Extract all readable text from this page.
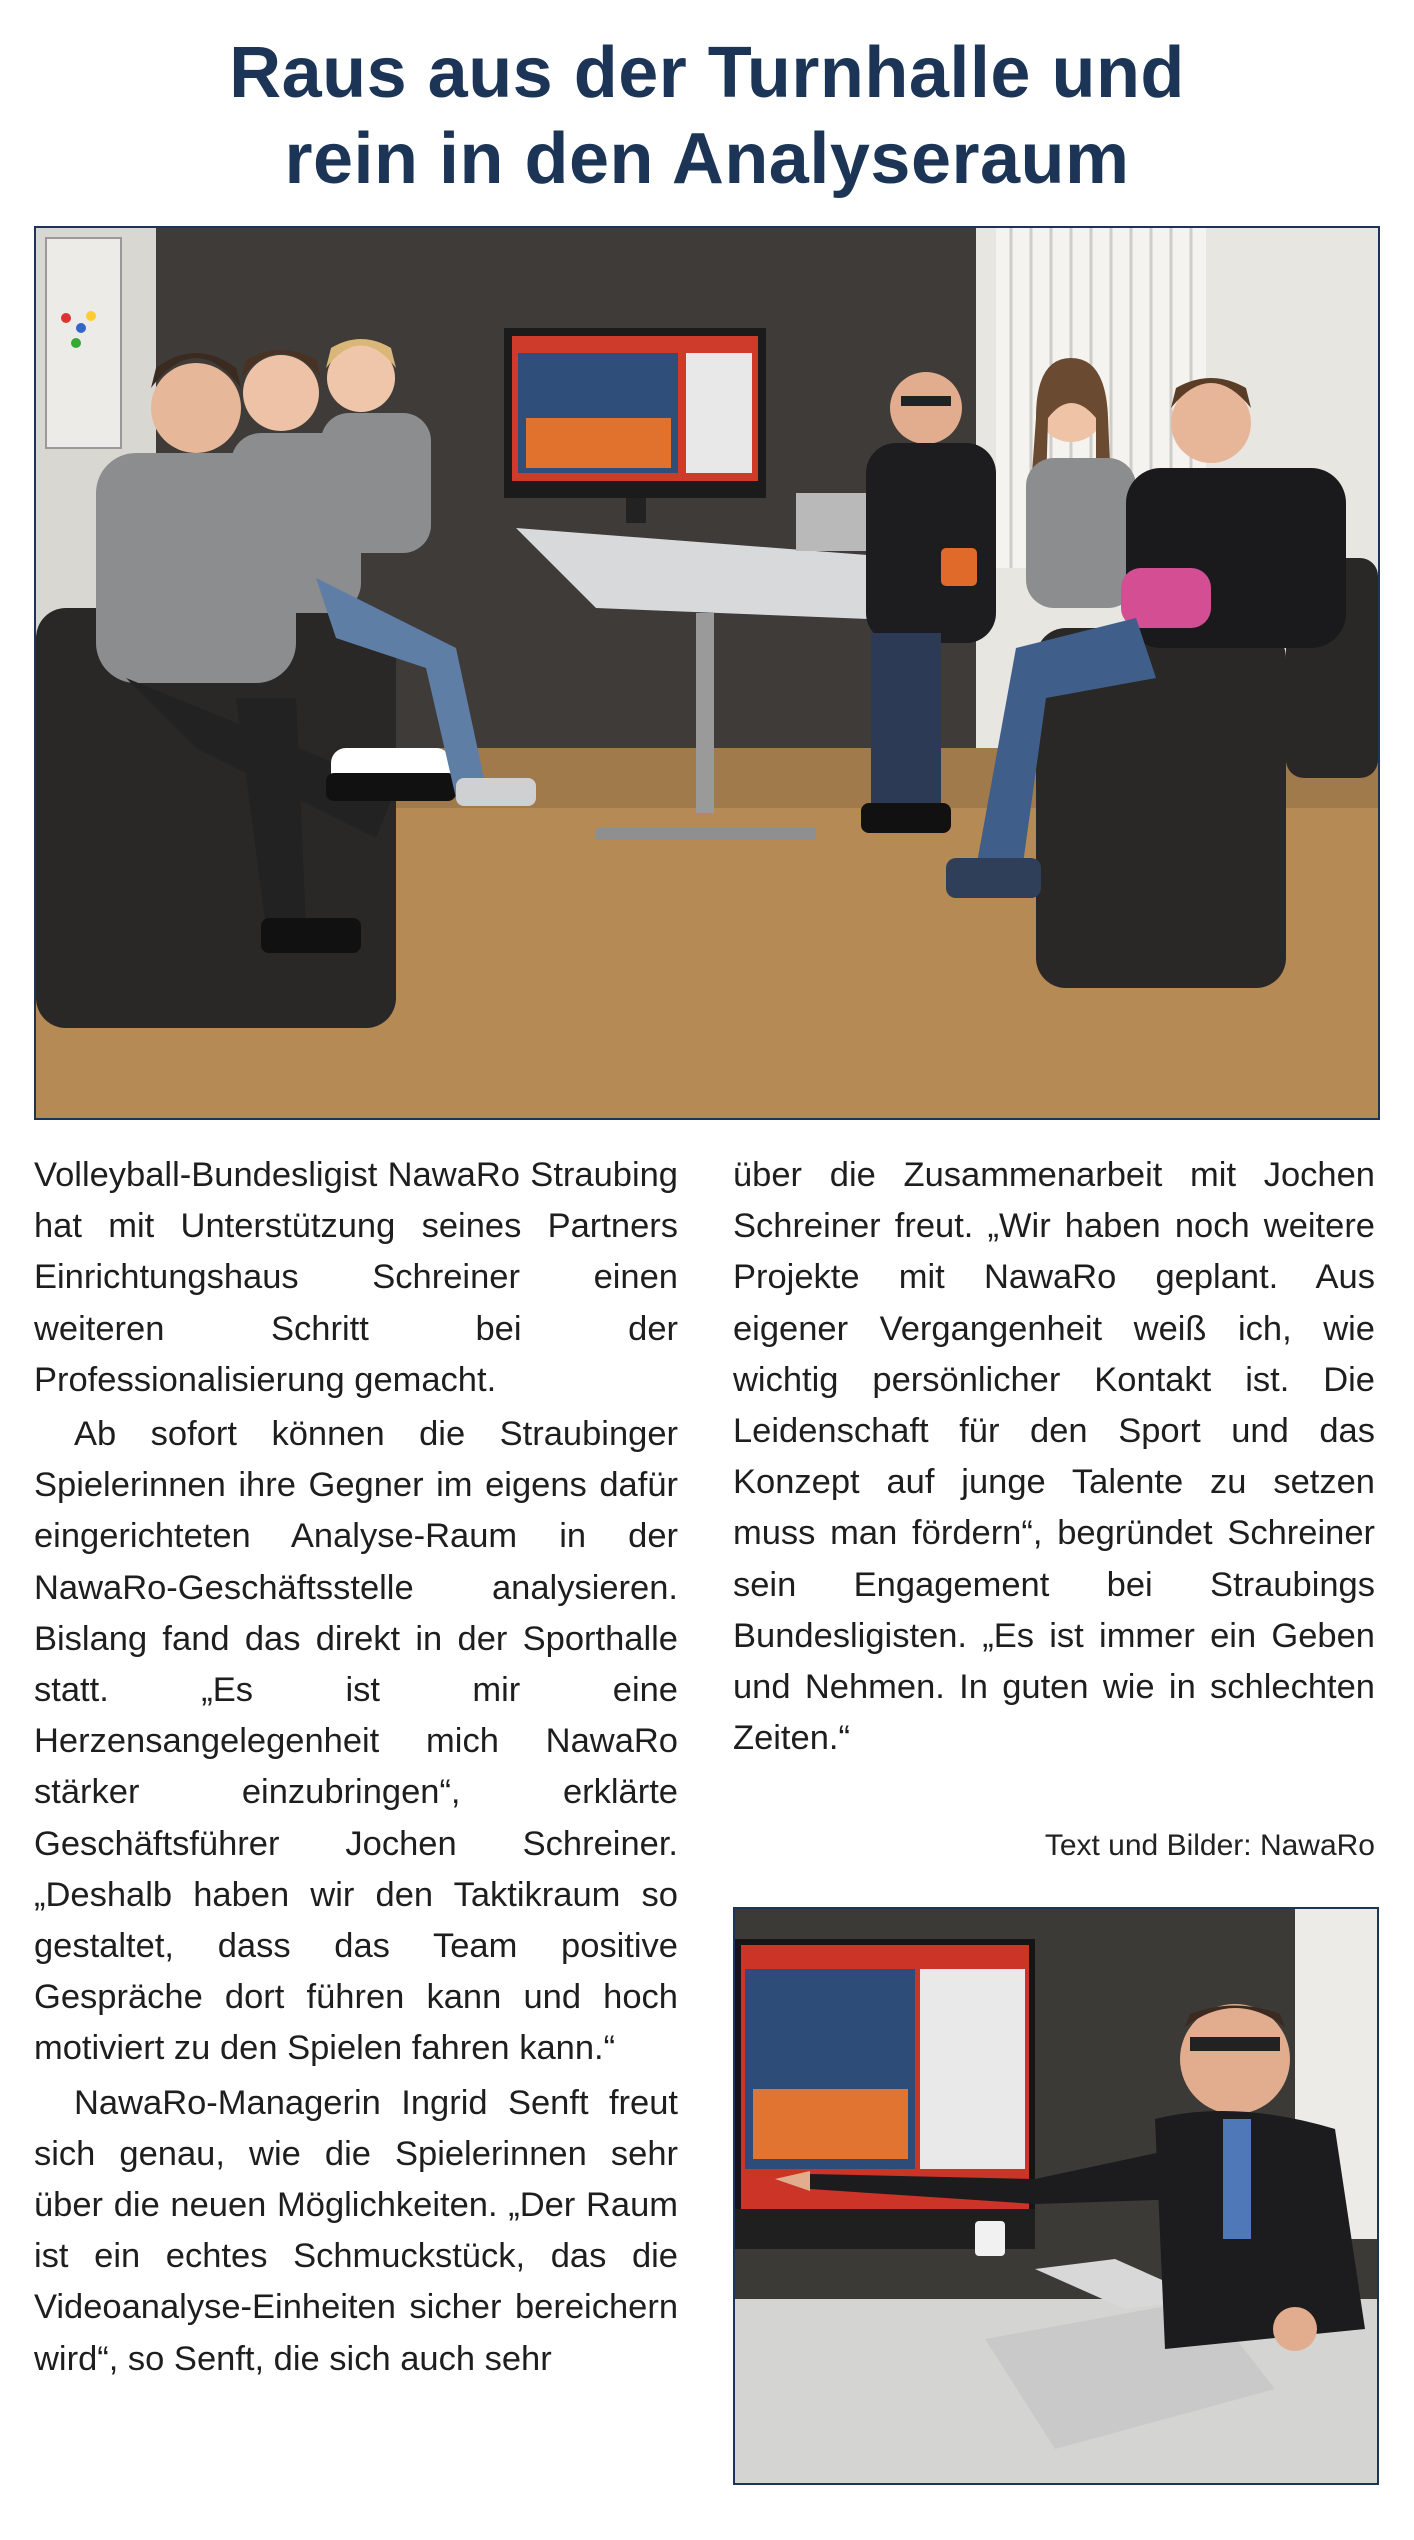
Raus aus der Turnhalle und
rein in den Analyseraum

Volleyball-Bundesligist NawaRo Straubing hat mit Unterstützung seines Partners Einrichtungshaus Schreiner einen weiteren Schritt bei der Professionalisierung gemacht.

Ab sofort können die Straubinger Spielerinnen ihre Gegner im eigens dafür eingerichteten Analyse-Raum in der NawaRo-Geschäftsstelle analysieren. Bislang fand das direkt in der Sporthalle statt. „Es ist mir eine Herzensangelegenheit mich NawaRo stärker einzubringen“, erklärte Geschäftsführer Jochen Schreiner. „Deshalb haben wir den Taktikraum so gestaltet, dass das Team positive Gespräche dort führen kann und hoch motiviert zu den Spielen fahren kann.“

NawaRo-Managerin Ingrid Senft freut sich genau, wie die Spielerinnen sehr über die neuen Möglichkeiten. „Der Raum ist ein echtes Schmuckstück, das die Videoanalyse-Einheiten sicher bereichern wird“, so Senft, die sich auch sehr

über die Zusammenarbeit mit Jochen Schreiner freut. „Wir haben noch weitere Projekte mit NawaRo geplant. Aus eigener Vergangenheit weiß ich, wie wichtig persönlicher Kontakt ist. Die Leidenschaft für den Sport und das Konzept auf junge Talente zu setzen muss man fördern“, begründet Schreiner sein Engagement bei Straubings Bundesligisten. „Es ist immer ein Geben und Nehmen. In guten wie in schlechten Zeiten.“

Text und Bilder: NawaRo
